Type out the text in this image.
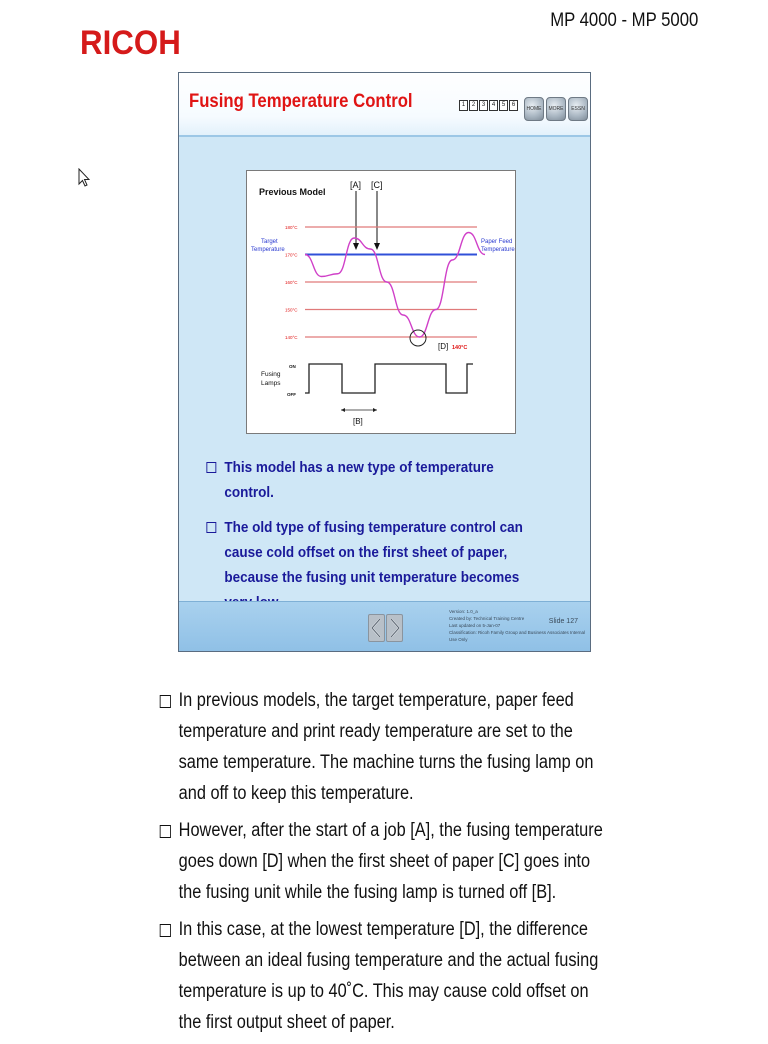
RICOH
MP 4000 - MP 5000
Fusing Temperature Control	1	2	3	4	5	6
HOME	MORE	ESSN
Previous Model
[A] [C]
180°C
170°C
160°C
150°C
140°C
Target
Temperature
Paper Feed
Temperature
[D] 140°C
Fusing
Lamps
ON
OFF
[B]
This model has a new type of temperature control.
The old type of fusing temperature control can cause cold offset on the first sheet of paper, because the fusing unit temperature becomes
Version: 1.0_a
Created by: Technical Training Centre
Last updated on 5-Jan-07
Classification: Ricoh Family Group and Business Associates Internal Use Only
Slide 127
In previous models, the target temperature, paper feed temperature and print ready temperature are set to the same temperature. The machine turns the fusing lamp on and off to keep this temperature.
However, after the start of a job [A], the fusing temperature goes down [D] when the first sheet of paper [C] goes into the fusing unit while the fusing lamp is turned off [B].
In this case, at the lowest temperature [D], the difference between an ideal fusing temperature and the actual fusing temperature is up to 40˚C. This may cause cold offset on the first output sheet of paper.
